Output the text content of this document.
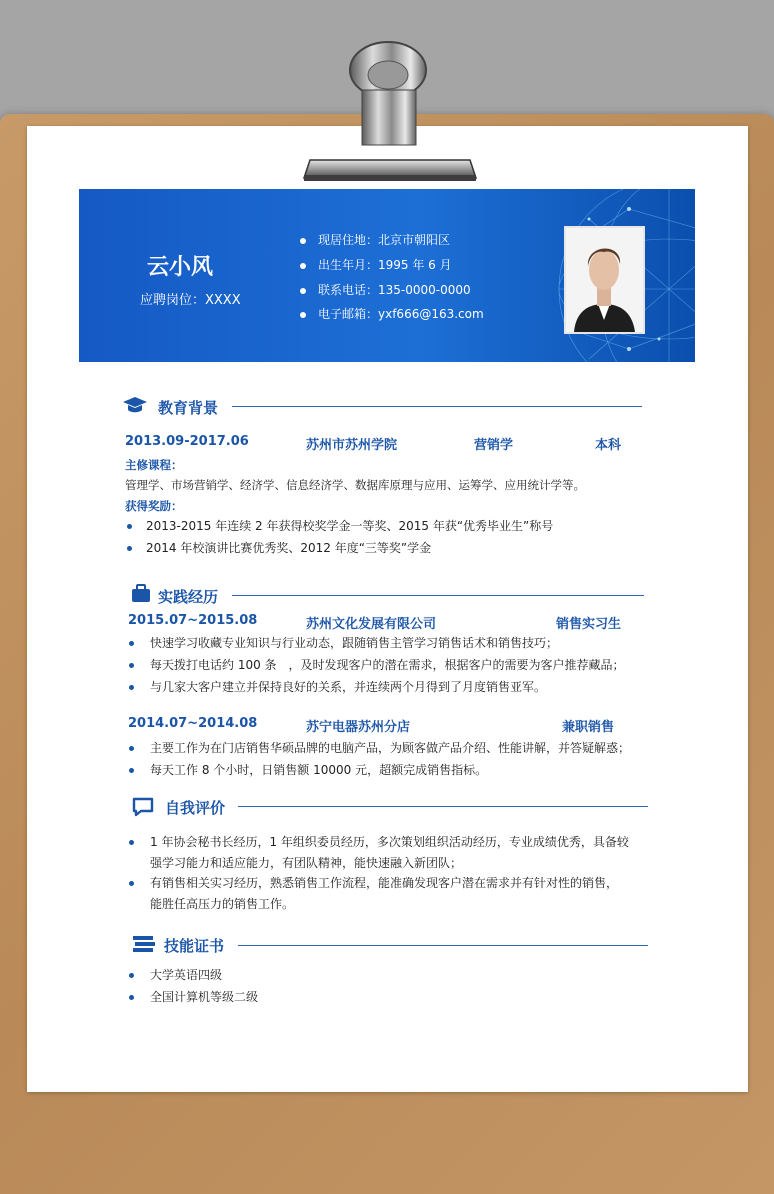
云小风
应聘岗位：XXXX
现居住地：北京市朝阳区
出生年月：1995 年 6 月
联系电话：135-0000-0000
电子邮箱：yxf666@163.com
教育背景
2013.09-2017.06	苏州市苏州学院	营销学	本科
主修课程：
管理学、市场营销学、经济学、信息经济学、数据库原理与应用、运筹学、应用统计学等。
获得奖励：
2013-2015 年连续 2 年获得校奖学金一等奖、2015 年获“优秀毕业生”称号
2014 年校演讲比赛优秀奖、2012 年度“三等奖”学金
实践经历
2015.07~2015.08	苏州文化发展有限公司	销售实习生
快速学习收藏专业知识与行业动态，跟随销售主管学习销售话术和销售技巧；
每天拨打电话约 100 条　，及时发现客户的潜在需求，根据客户的需要为客户推荐藏品；
与几家大客户建立并保持良好的关系，并连续两个月得到了月度销售亚军。
2014.07~2014.08	苏宁电器苏州分店	兼职销售
主要工作为在门店销售华硕品牌的电脑产品，为顾客做产品介绍、性能讲解，并答疑解惑；
每天工作 8 个小时，日销售额 10000 元，超额完成销售指标。
自我评价
1 年协会秘书长经历，1 年组织委员经历，多次策划组织活动经历，专业成绩优秀，具备较
强学习能力和适应能力，有团队精神，能快速融入新团队；
有销售相关实习经历，熟悉销售工作流程，能准确发现客户潜在需求并有针对性的销售，
能胜任高压力的销售工作。
技能证书
大学英语四级
全国计算机等级二级
